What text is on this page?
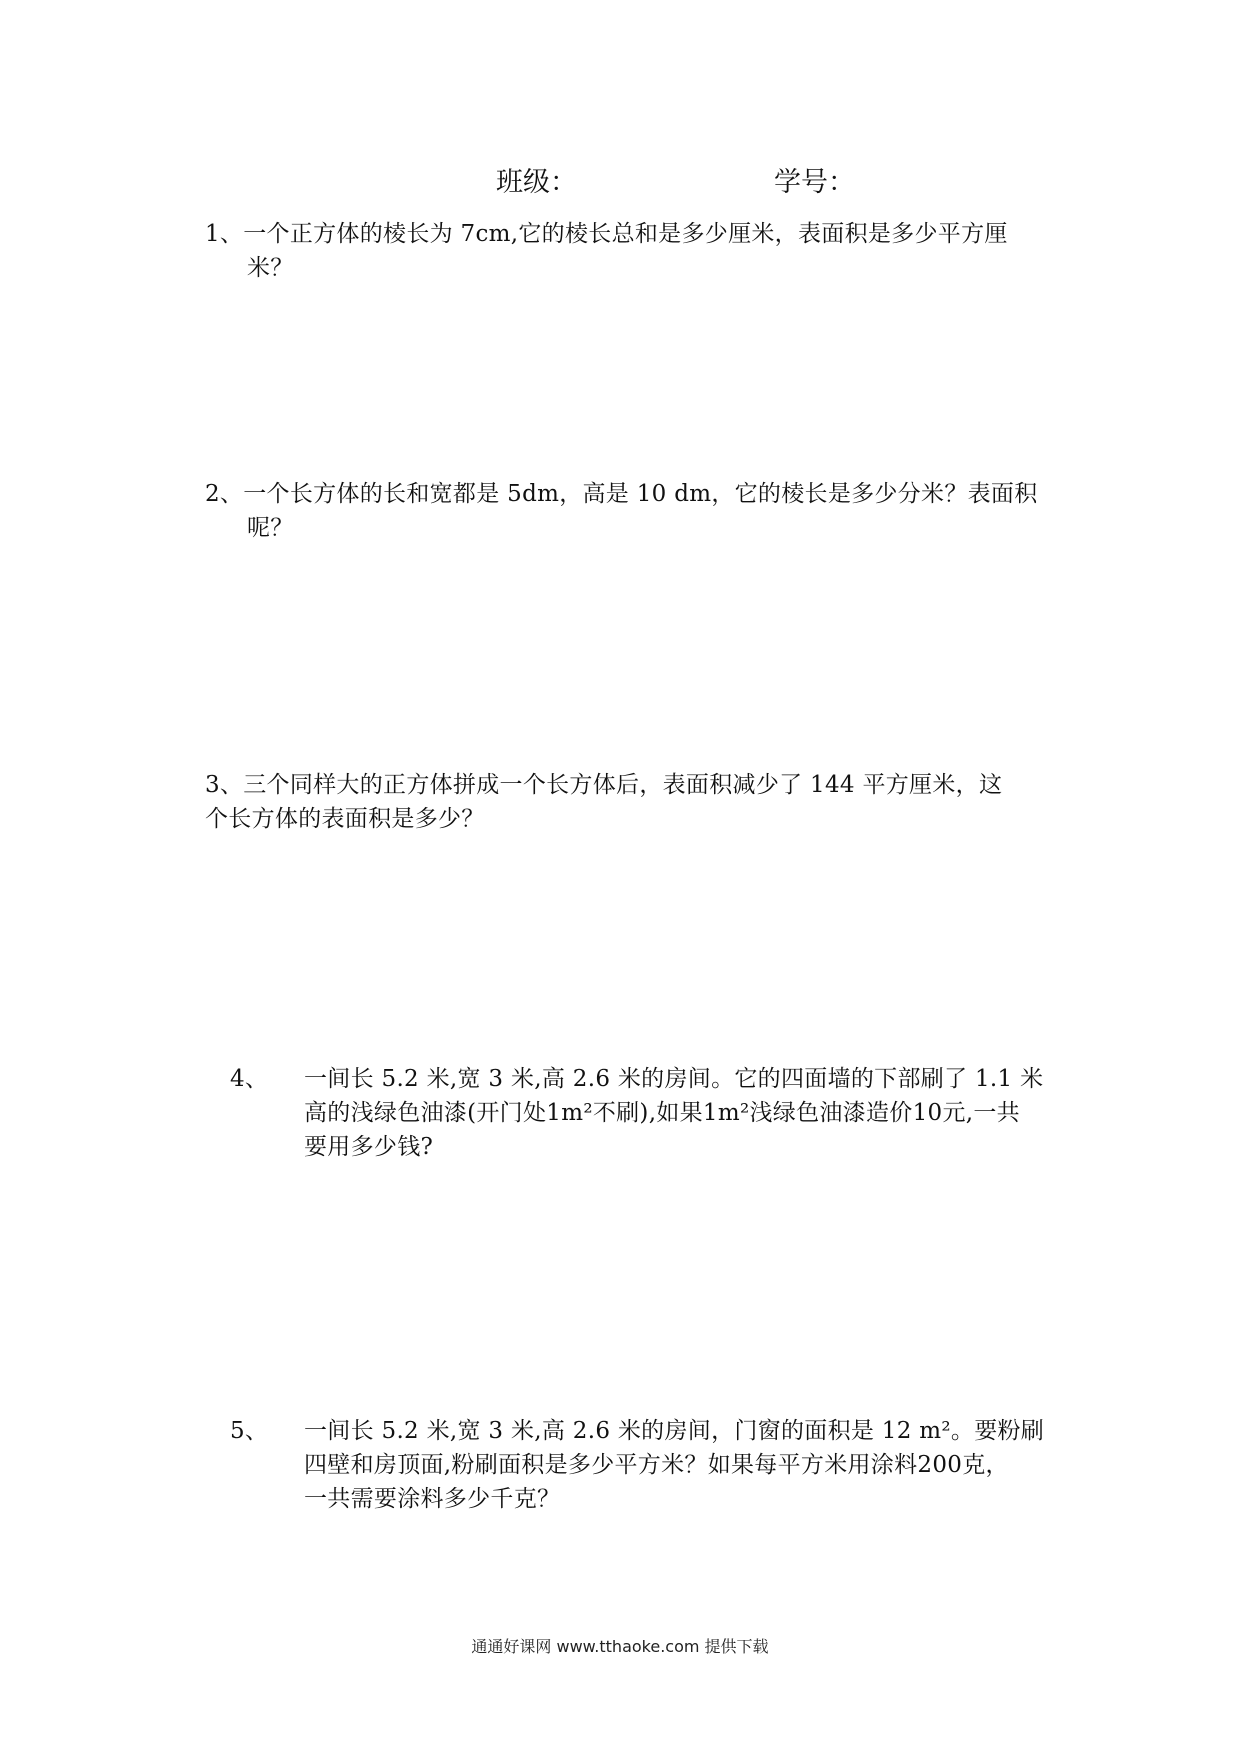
班级：	学号：
1、一个正方体的棱长为 7cm,它的棱长总和是多少厘米，表面积是多少平方厘
米？
2、一个长方体的长和宽都是 5dm，高是 10 dm，它的棱长是多少分米？表面积
呢？
3、三个同样大的正方体拼成一个长方体后，表面积减少了 144 平方厘米，这
个长方体的表面积是多少？
4、 一间长 5.2 米,宽 3 米,高 2.6 米的房间。它的四面墙的下部刷了 1.1 米
高的浅绿色油漆(开门处1m²不刷),如果1m²浅绿色油漆造价10元,一共
要用多少钱?
5、 一间长 5.2 米,宽 3 米,高 2.6 米的房间，门窗的面积是 12 m²。要粉刷
四壁和房顶面,粉刷面积是多少平方米？如果每平方米用涂料200克，
一共需要涂料多少千克？
通通好课网 www.tthaoke.com 提供下载
